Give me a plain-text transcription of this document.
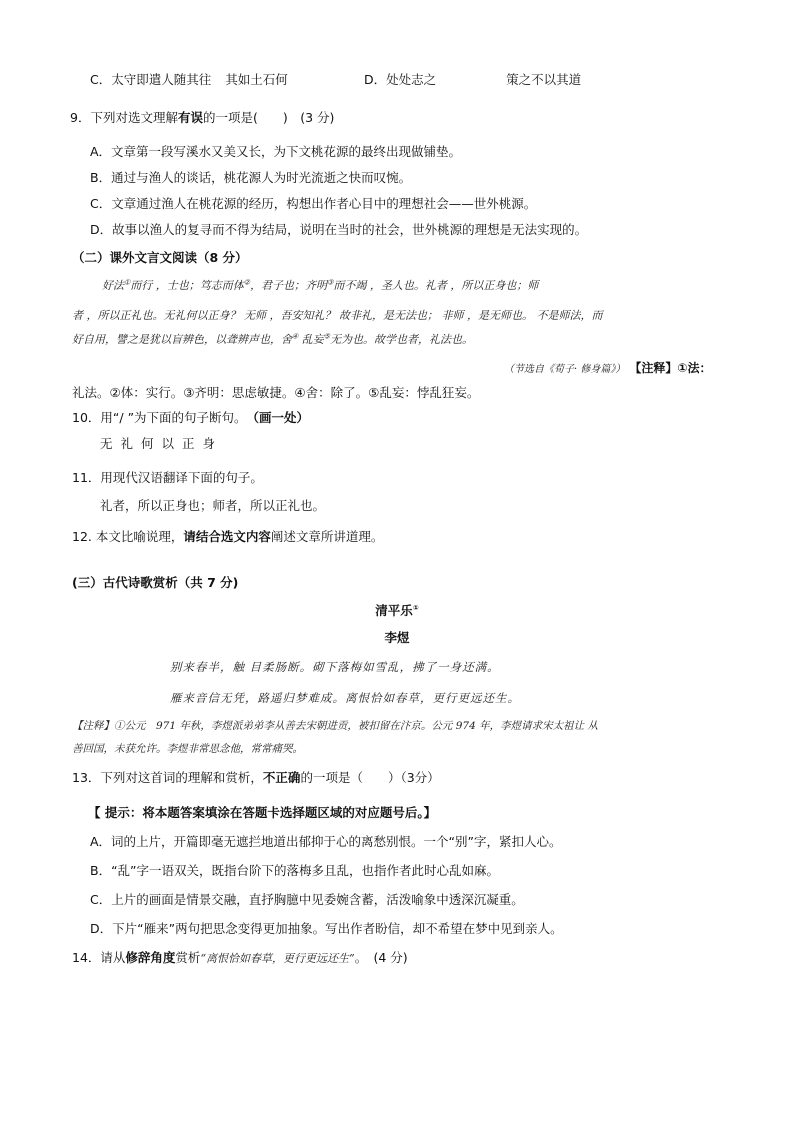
C．太守即遣人随其往 其如土石何	D．处处志之	策之不以其道
9．下列对选文理解有误的一项是(　　)　(3 分)
A．文章第一段写溪水又美又长，为下文桃花源的最终出现做铺垫。
B．通过与渔人的谈话，桃花源人为时光流逝之快而叹惋。
C．文章通过渔人在桃花源的经历，构想出作者心目中的理想社会——世外桃源。
D．故事以渔人的复寻而不得为结局，说明在当时的社会，世外桃源的理想是无法实现的。
（二）课外文言文阅读（8 分）
好法①而行 ，士也；笃志而体②，君子也；齐明③而不竭 ，圣人也。礼者 ，所以正身也；师
者 ，所以正礼也。无礼何以正身？ 无师 ，吾安知礼？ 故非礼，是无法也； 非师 ，是无师也。 不是师法，而
好自用，譬之是犹以盲辨色，以聋辨声也，舍④ 乱妄⑤无为也。故学也者，礼法也。
（节选自《荀子· 修身篇》） 【注释】①法：
礼法。②体：实行。③齐明：思虑敏捷。④舍：除了。⑤乱妄：悖乱狂妄。
10．用“/ ”为下面的句子断句。　（画一处）
无礼何以正身
11．用现代汉语翻译下面的句子。
礼者，所以正身也；师者，所以正礼也。
12. 本文比喻说理，请结合选文内容阐述文章所讲道理。
(三）古代诗歌赏析（共 7 分)
清平乐①
李煜
别来春半，触 目柔肠断。砌下落梅如雪乱，拂了一身还满。
雁来音信无凭，路遥归梦难成。离恨恰如春草，更行更远还生。
【注释】①公元　971 年秋，李煜派弟弟李从善去宋朝进贡，被扣留在汴京。公元 974 年，李煜请求宋太祖让 从
善回国，未获允许。李煜非常思念他，常常痛哭。
13．下列对这首词的理解和赏析，不正确的一项是（　　）（3分）
【 提示：将本题答案填涂在答题卡选择题区域的对应题号后。】
A．词的上片，开篇即毫无遮拦地道出郁抑于心的离愁别恨。一个“别”字，紧扣人心。
B．“乱”字一语双关，既指台阶下的落梅多且乱，也指作者此时心乱如麻。
C．上片的画面是情景交融，直抒胸臆中见委婉含蓄，活泼喻象中透深沉凝重。
D．下片“雁来”两句把思念变得更加抽象。写出作者盼信，却不希望在梦中见到亲人。
14．请从修辞角度赏析“离恨恰如春草，更行更远还生”。　(4 分)
